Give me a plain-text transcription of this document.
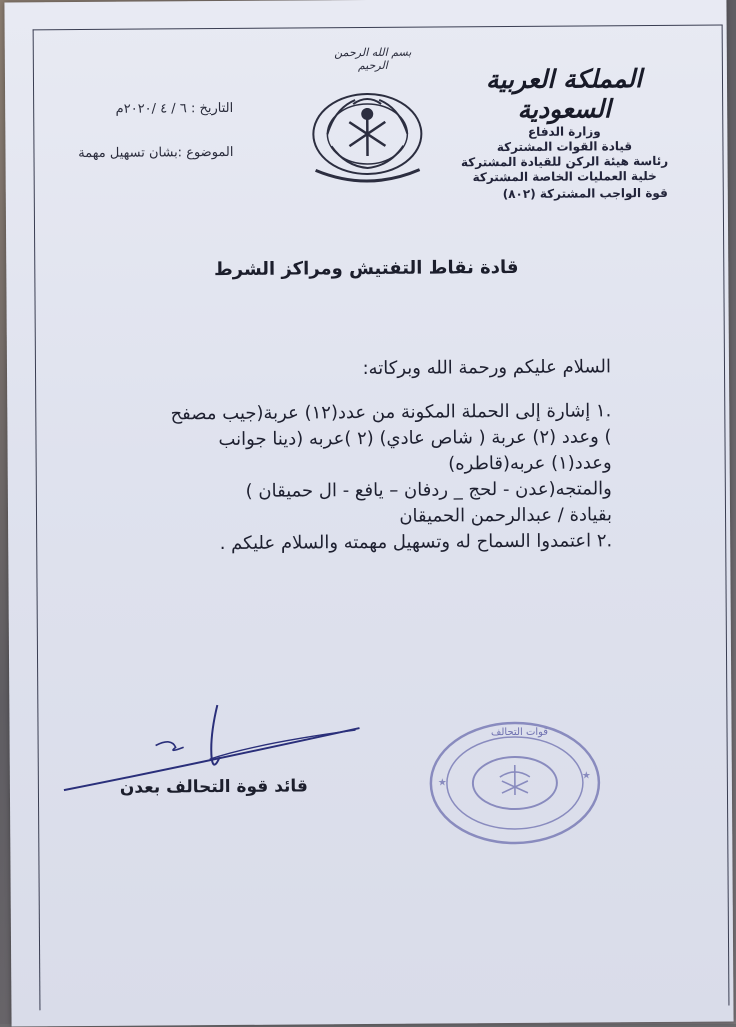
بسم الله الرحمن الرحيم	المملكة العربية السعودية
وزارة الدفاع
قيادة القوات المشتركة
رئاسة هيئة الركن للقيادة المشتركة
خلية العمليات الخاصة المشتركة
قوة الواجب المشتركة (٨٠٢)
التاريخ : ٦ / ٤ /٢٠٢٠م
الموضوع :بشان تسهيل مهمة
قادة نقاط التفتيش ومراكز الشرط
السلام عليكم ورحمة الله وبركاته:
.١ إشارة إلى الحملة المكونة من عدد(١٢) عربة(جيب مصفح
) وعدد (٢) عربة ( شاص عادي) (٢ )عربه (دينا جوانب
وعدد(١) عربه(قاطره)
والمتجه(عدن - لحج _ ردفان – يافع - ال حميقان )
بقيادة / عبدالرحمن الحميقان
.٢ اعتمدوا السماح له وتسهيل مهمته والسلام عليكم .
قائد قوة التحالف بعدن	★
★
قوات التحالف
